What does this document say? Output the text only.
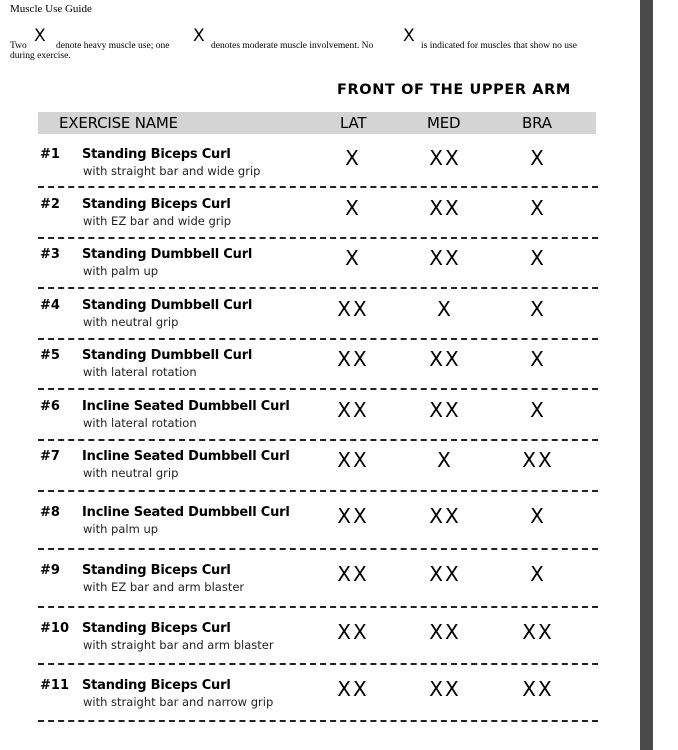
Muscle Use Guide
Two X denote heavy muscle use; one X denotes moderate muscle involvement. No X is indicated for muscles that show no use
during exercise.
FRONT OF THE UPPER ARM
EXERCISE NAME	LAT	MED	BRA
#1 Standing Biceps Curl
with straight bar and wide grip
X	XX	X
#2 Standing Biceps Curl
with EZ bar and wide grip
X	XX	X
#3 Standing Dumbbell Curl
with palm up
X	XX	X
#4 Standing Dumbbell Curl
with neutral grip
XX	X	X
#5 Standing Dumbbell Curl
with lateral rotation
XX	XX	X
#6 Incline Seated Dumbbell Curl
with lateral rotation
XX	XX	X
#7 Incline Seated Dumbbell Curl
with neutral grip
XX	X	XX
#8 Incline Seated Dumbbell Curl
with palm up
XX	XX	X
#9 Standing Biceps Curl
with EZ bar and arm blaster
XX	XX	X
#10 Standing Biceps Curl
with straight bar and arm blaster
XX	XX	XX
#11 Standing Biceps Curl
with straight bar and narrow grip
XX	XX	XX
